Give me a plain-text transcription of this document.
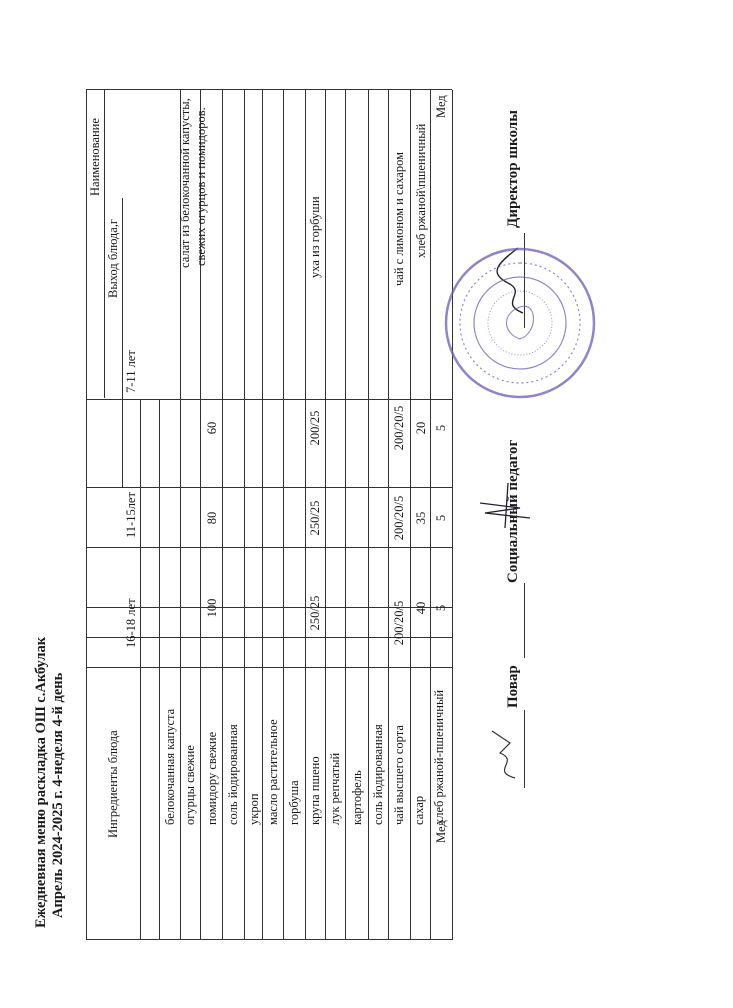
Ежедневная меню раскладка ОШ с.Акбулак Апрель 2024-2025 г. 4-неделя 4-й день
Наименование
Выход блюда,г
7-11 лет
11-15лет
16-18 лет
Ингредиенты блюда
салат из белокочанной капусты, свежих огурцов и помидоров.
60
80
100
белокочанная капуста огурцы свежие помидору свежие соль йодированная укроп масло растительное
уха из горбуши
200/25
250/25
250/25
горбуша крупа пшено лук репчатый картофель соль йодированная
чай с лимоном и сахаром
200/20/5
200/20/5
200/20/5
чай высшего сорта сахар
хлеб ржаной\пшеничный
20
35
40
хлеб ржаной-пшеничный
Мед
5
5
5
Мед
Директор школы
Социальный педагог
Повар
